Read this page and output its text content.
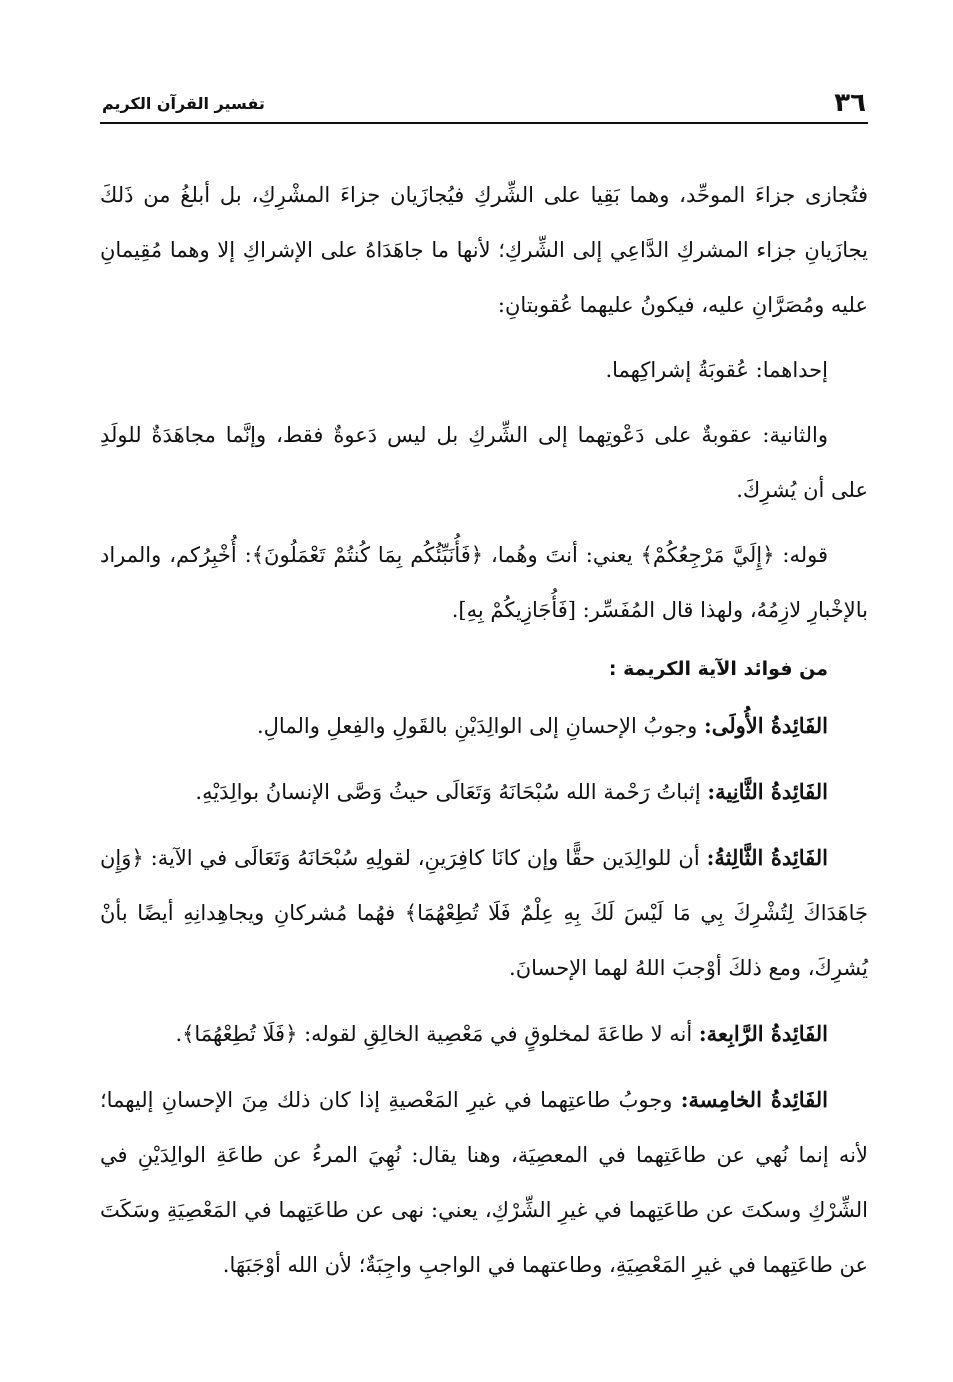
٣٦
تفسير القرآن الكريم

فتُجازى جزاءَ الموحِّد، وهما بَقِيا على الشِّركِ فيُجازَيان جزاءَ المشْرِكِ، بل أبلغُ من ذَلكَ يجازَيانِ جزاء المشركِ الدَّاعِي إلى الشِّركِ؛ لأنها ما جاهَدَاهُ على الإشراكِ إلا وهما مُقِيمانِ عليه ومُصَرَّانِ عليه، فيكونُ عليهما عُقوبتانِ:

إحداهما: عُقوبَةُ إشراكِهما.

والثانية: عقوبةٌ على دَعْوتِهما إلى الشِّركِ بل ليس دَعوةٌ فقط، وإنَّما مجاهَدَةٌ للولَدِ على أن يُشرِكَ.

قوله: ﴿إِلَيَّ مَرْجِعُكُمْ﴾ يعني: أنتَ وهُما، ﴿فَأُنَبِّئُكُم بِمَا كُنتُمْ تَعْمَلُونَ﴾: أُخْبِرُكم، والمراد بالإخْبارِ لازِمُهُ، ولهذا قال المُفَسِّر: [فَأُجَازِيكُمْ بِهِ].

من فوائد الآية الكريمة :

الفَائِدةُ الأُولَى: وجوبُ الإحسانِ إلى الوالِدَيْنِ بالقَولِ والفِعلِ والمالِ.

الفَائِدةُ الثَّانِية: إثباتُ رَحْمة الله سُبْحَانَهُ وَتَعَالَى حيثُ وَصَّى الإنسانُ بوالِدَيْهِ.

الفَائِدةُ الثَّالِثةُ: أن للوالِدَين حقًّا وإن كانَا كافِرَينِ، لقولِهِ سُبْحَانَهُ وَتَعَالَى في الآية: ﴿وَإِن جَاهَدَاكَ لِتُشْرِكَ بِي مَا لَيْسَ لَكَ بِهِ عِلْمٌ فَلَا تُطِعْهُمَا﴾ فهُما مُشركانِ ويجاهِدانِهِ أيضًا بأنْ يُشرِكَ، ومع ذلكَ أوْجبَ اللهُ لهما الإحسانَ.

الفَائِدةُ الرَّابِعة: أنه لا طاعَةَ لمخلوقٍ في مَعْصِية الخالِقِ لقوله: ﴿فَلَا تُطِعْهُمَا﴾.

الفَائِدةُ الخامِسة: وجوبُ طاعتِهما في غيرِ المَعْصيةِ إذا كان ذلك مِنَ الإحسانِ إليهما؛ لأنه إنما نُهي عن طاعَتِهما في المعصِيَة، وهنا يقال: نُهِيَ المرءُ عن طاعَةِ الوالِدَيْنِ في الشِّرْكِ وسكتَ عن طاعَتِهما في غيرِ الشِّرْكِ، يعني: نهى عن طاعَتِهما في المَعْصِيَةِ وسَكَتَ عن طاعَتِهما في غيرِ المَعْصِيَةِ، وطاعتهما في الواجبِ واجِبَةٌ؛ لأن الله أوْجَبَهَا.
